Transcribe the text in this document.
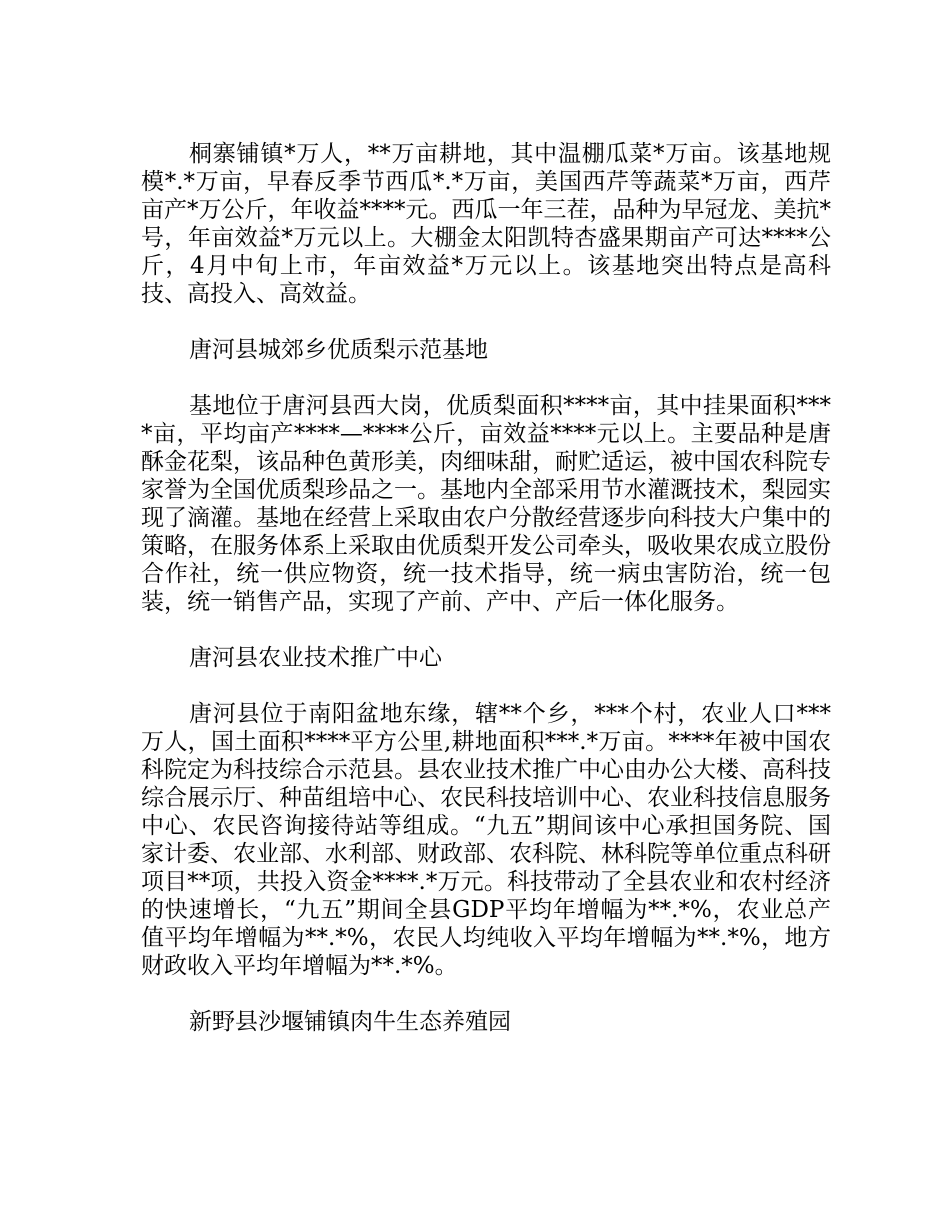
桐寨铺镇*万人，**万亩耕地，其中温棚瓜菜*万亩。该基地规模*.*万亩，早春反季节西瓜*.*万亩，美国西芹等蔬菜*万亩，西芹亩产*万公斤，年收益****元。西瓜一年三茬，品种为早冠龙、美抗*号，年亩效益*万元以上。大棚金太阳凯特杏盛果期亩产可达****公斤，4月中旬上市，年亩效益*万元以上。该基地突出特点是高科技、高投入、高效益。

唐河县城郊乡优质梨示范基地

基地位于唐河县西大岗，优质梨面积****亩，其中挂果面积****亩，平均亩产****—****公斤，亩效益****元以上。主要品种是唐酥金花梨，该品种色黄形美，肉细味甜，耐贮适运，被中国农科院专家誉为全国优质梨珍品之一。基地内全部采用节水灌溉技术，梨园实现了滴灌。基地在经营上采取由农户分散经营逐步向科技大户集中的策略，在服务体系上采取由优质梨开发公司牵头，吸收果农成立股份合作社，统一供应物资，统一技术指导，统一病虫害防治，统一包装，统一销售产品，实现了产前、产中、产后一体化服务。

唐河县农业技术推广中心

唐河县位于南阳盆地东缘，辖**个乡，***个村，农业人口***万人，国土面积****平方公里,耕地面积***.*万亩。****年被中国农科院定为科技综合示范县。县农业技术推广中心由办公大楼、高科技综合展示厅、种苗组培中心、农民科技培训中心、农业科技信息服务中心、农民咨询接待站等组成。“九五”期间该中心承担国务院、国家计委、农业部、水利部、财政部、农科院、林科院等单位重点科研项目**项，共投入资金****.*万元。科技带动了全县农业和农村经济的快速增长，“九五”期间全县GDP平均年增幅为**.*%，农业总产值平均年增幅为**.*%，农民人均纯收入平均年增幅为**.*%，地方财政收入平均年增幅为**.*%。

新野县沙堰铺镇肉牛生态养殖园
